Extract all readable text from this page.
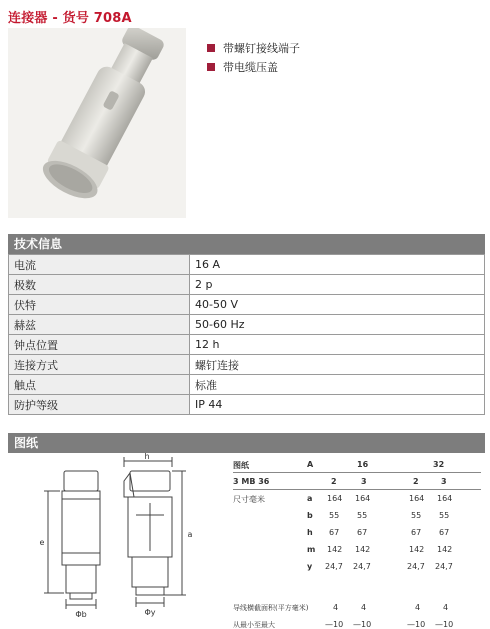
连接器 - 货号 708A
带螺钉接线端子
带电缆压盖
技术信息
电流	16 A
极数	2 p
伏特	40-50 V
赫兹	50-60 Hz
钟点位置	12 h
连接方式	螺钉连接
触点	标准
防护等级	IP 44
图纸
h
e
a
Φb	Φy
图纸	A	16	32
3 MB 36	2	3	2	3
尺寸毫米	a 164 164	164 164
b 55 55	55 55
h 67 67	67 67
m 142 142	142 142
y 24,7 24,7	24,7 24,7
导线横截面积(平方毫米)	4	4	4	4
从最小至最大	—10 —10	—10 —10
